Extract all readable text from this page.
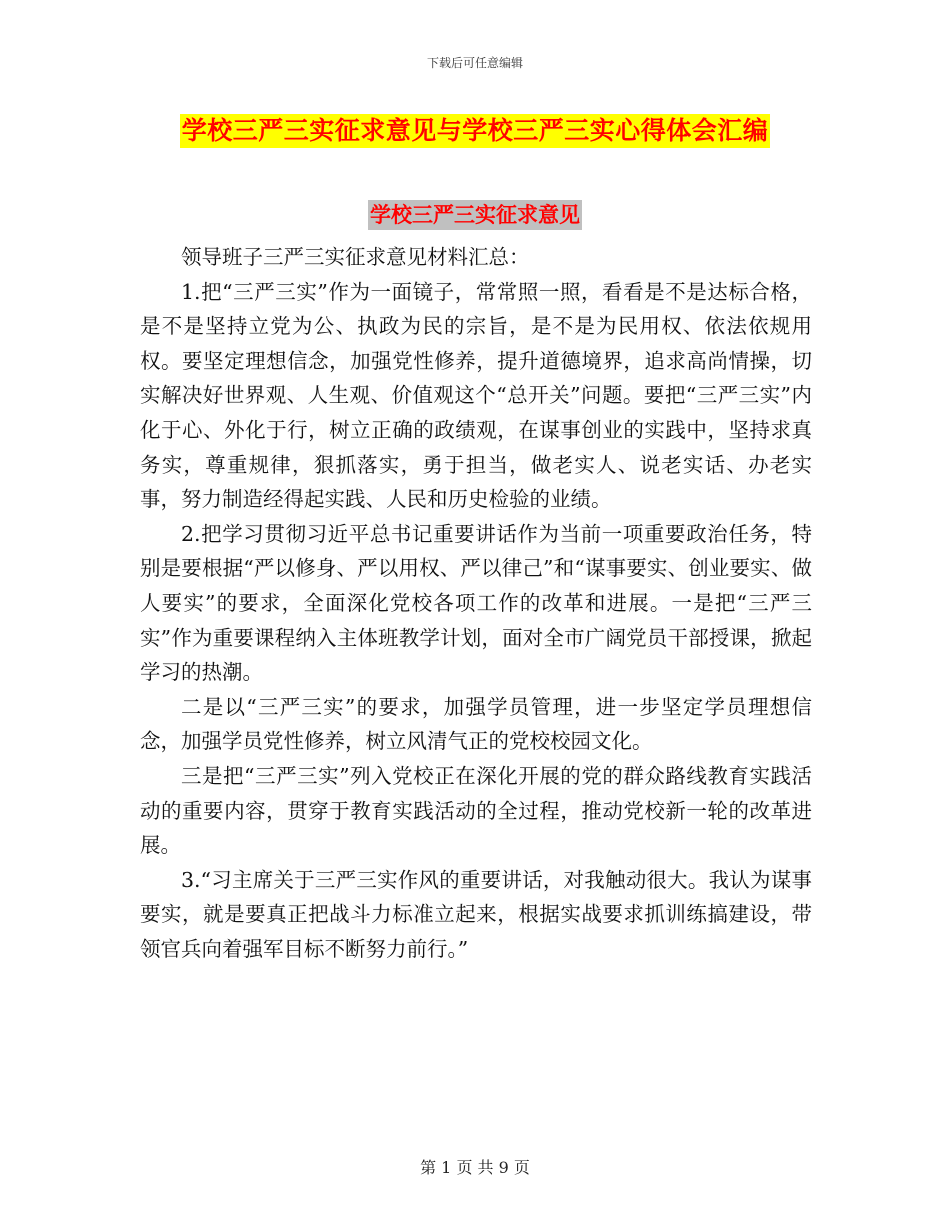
下载后可任意编辑
学校三严三实征求意见与学校三严三实心得体会汇编
学校三严三实征求意见

领导班子三严三实征求意见材料汇总：

1.把“三严三实”作为一面镜子，常常照一照，看看是不是达标合格，是不是坚持立党为公、执政为民的宗旨，是不是为民用权、依法依规用权。要坚定理想信念，加强党性修养，提升道德境界，追求高尚情操，切实解决好世界观、人生观、价值观这个“总开关”问题。要把“三严三实”内化于心、外化于行，树立正确的政绩观，在谋事创业的实践中，坚持求真务实，尊重规律，狠抓落实，勇于担当，做老实人、说老实话、办老实事，努力制造经得起实践、人民和历史检验的业绩。

2.把学习贯彻习近平总书记重要讲话作为当前一项重要政治任务，特别是要根据“严以修身、严以用权、严以律己”和“谋事要实、创业要实、做人要实”的要求，全面深化党校各项工作的改革和进展。一是把“三严三实”作为重要课程纳入主体班教学计划，面对全市广阔党员干部授课，掀起学习的热潮。

二是以“三严三实”的要求，加强学员管理，进一步坚定学员理想信念，加强学员党性修养，树立风清气正的党校校园文化。

三是把“三严三实”列入党校正在深化开展的党的群众路线教育实践活动的重要内容，贯穿于教育实践活动的全过程，推动党校新一轮的改革进展。

3.“习主席关于三严三实作风的重要讲话，对我触动很大。我认为谋事要实，就是要真正把战斗力标准立起来，根据实战要求抓训练搞建设，带领官兵向着强军目标不断努力前行。”

第 1 页 共 9 页
